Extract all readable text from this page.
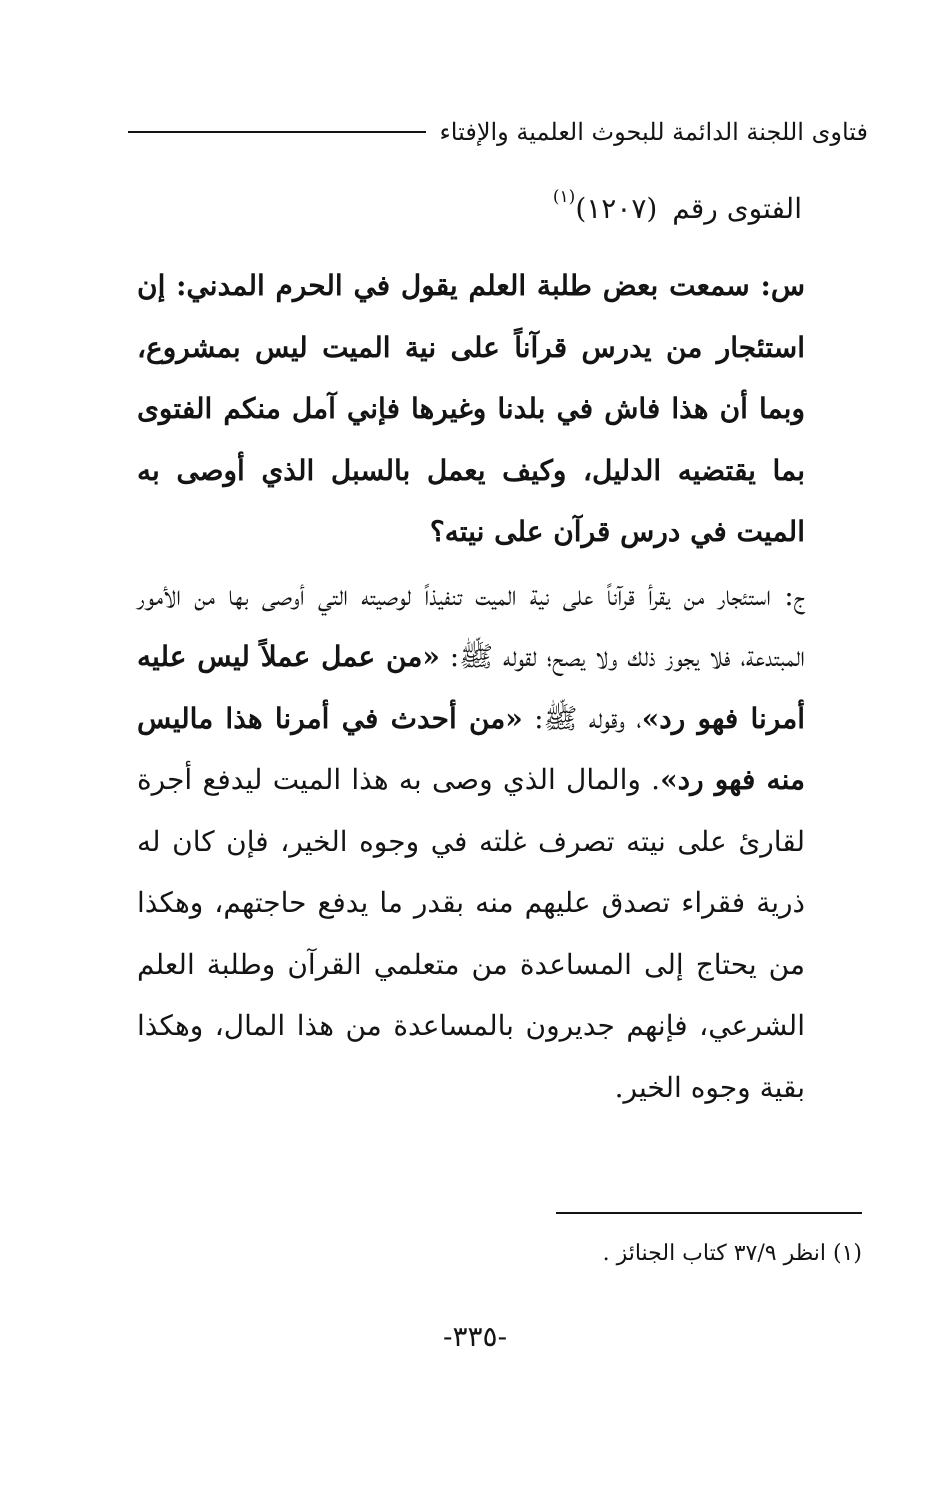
فتاوى اللجنة الدائمة للبحوث العلمية والإفتاء
الفتوى رقم (١٢٠٧)$^{(١)}$

س: سمعت بعض طلبة العلم يقول في الحرم المدني: إن استئجار من يدرس قرآناً على نية الميت ليس بمشروع، وبما أن هذا فاش في بلدنا وغيرها فإني آمل منكم الفتوى بما يقتضيه الدليل، وكيف يعمل بالسبل الذي أوصى به الميت في درس قرآن على نيته؟

ج: استئجار من يقرأ قرآناً على نية الميت تنفيذاً لوصيته التي أوصى بها من الأمور المبتدعة، فلا يجوز ذلك ولا يصح؛ لقوله ﷺ: «من عمل عملاً ليس عليه أمرنا فهو رد»، وقوله ﷺ: «من أحدث في أمرنا هذا ماليس منه فهو رد». والمال الذي وصى به هذا الميت ليدفع أجرة لقارئ على نيته تصرف غلته في وجوه الخير، فإن كان له ذرية فقراء تصدق عليهم منه بقدر ما يدفع حاجتهم، وهكذا من يحتاج إلى المساعدة من متعلمي القرآن وطلبة العلم الشرعي، فإنهم جديرون بالمساعدة من هذا المال، وهكذا بقية وجوه الخير.

(١) انظر ٣٧/٩ كتاب الجنائز .
-٣٣٥-
